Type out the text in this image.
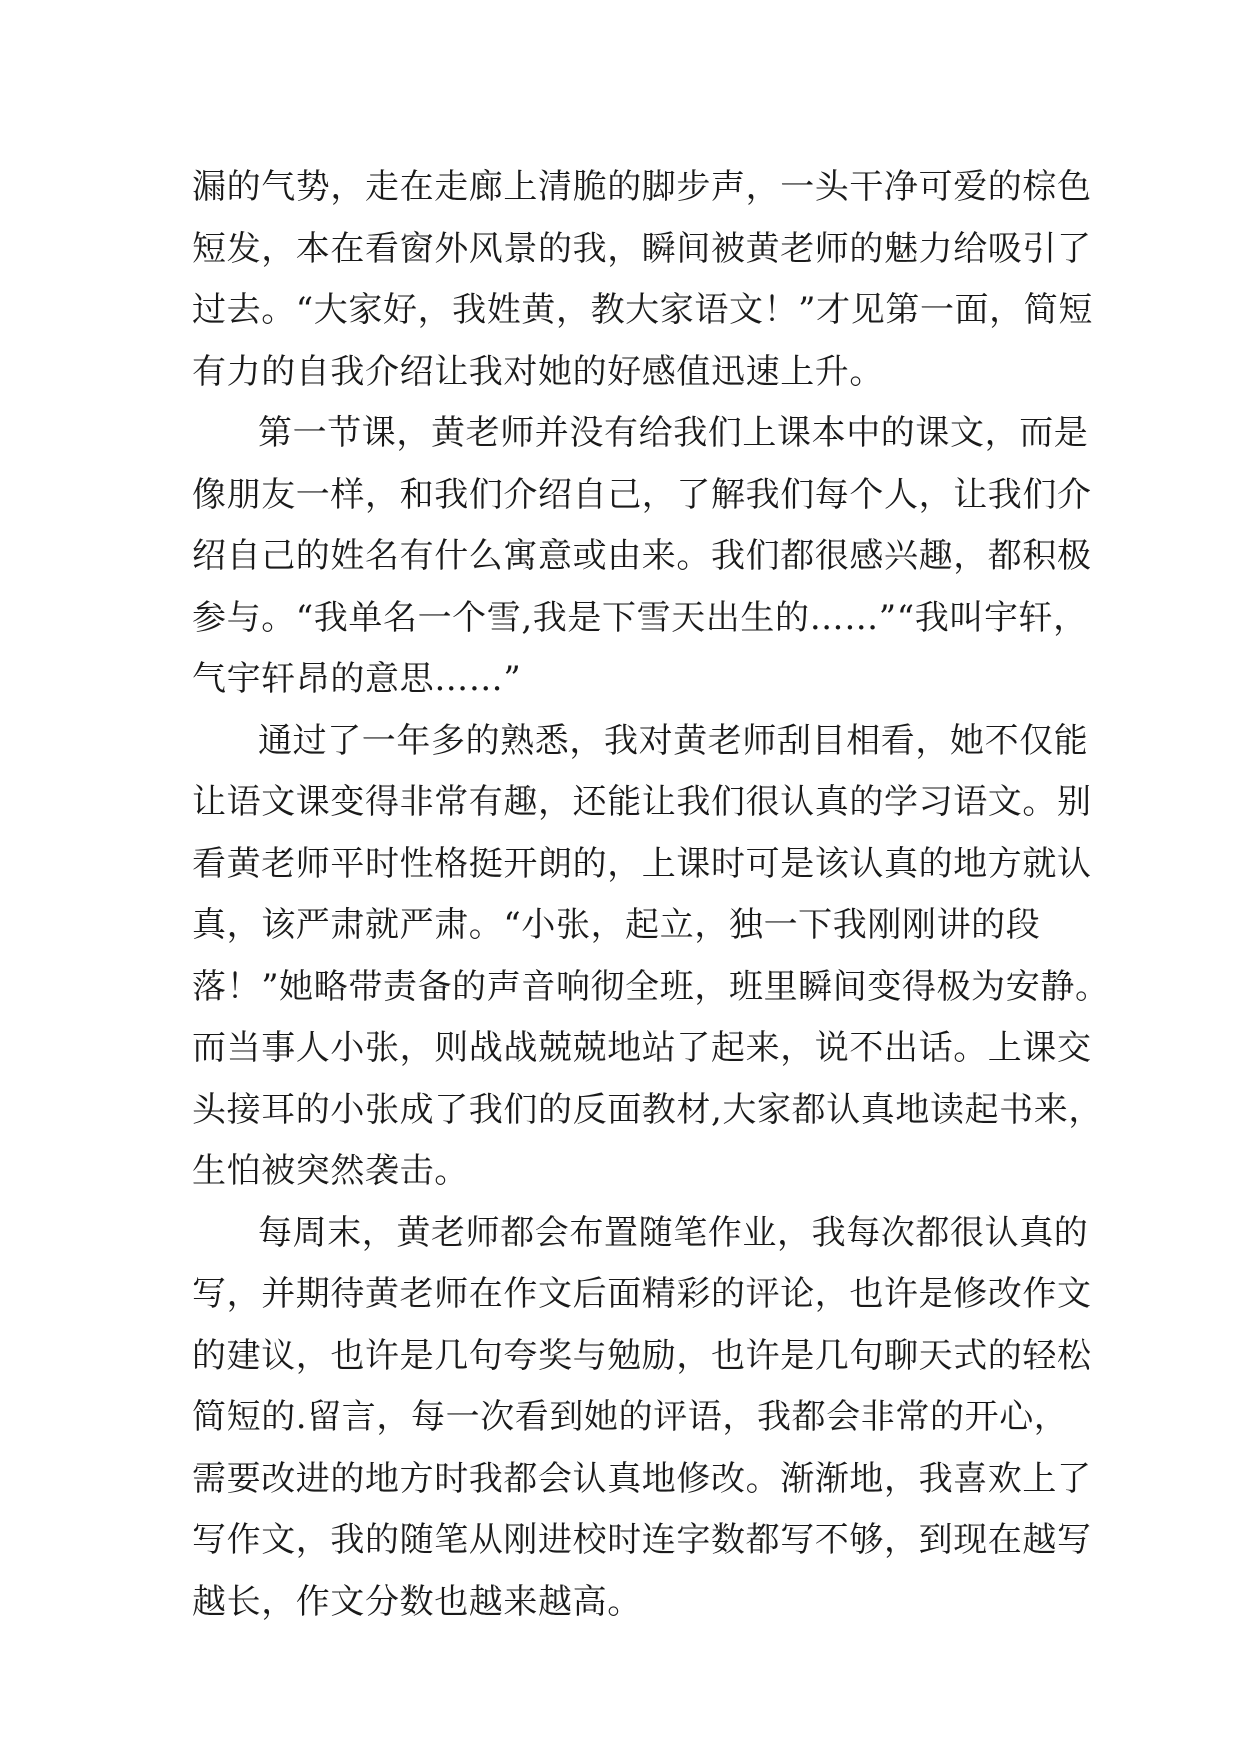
漏的气势，走在走廊上清脆的脚步声，一头干净可爱的棕色
短发，本在看窗外风景的我，瞬间被黄老师的魅力给吸引了
过去。“大家好，我姓黄，教大家语文！”才见第一面，简短
有力的自我介绍让我对她的好感值迅速上升。
第一节课，黄老师并没有给我们上课本中的课文，而是
像朋友一样，和我们介绍自己，了解我们每个人，让我们介
绍自己的姓名有什么寓意或由来。我们都很感兴趣，都积极
参与。“我单名一个雪,我是下雪天出生的……”“我叫宇轩，
气宇轩昂的意思……”
通过了一年多的熟悉，我对黄老师刮目相看，她不仅能
让语文课变得非常有趣，还能让我们很认真的学习语文。别
看黄老师平时性格挺开朗的，上课时可是该认真的地方就认
真，该严肃就严肃。“小张，起立，独一下我刚刚讲的段
落！”她略带责备的声音响彻全班，班里瞬间变得极为安静。
而当事人小张，则战战兢兢地站了起来，说不出话。上课交
头接耳的小张成了我们的反面教材,大家都认真地读起书来，
生怕被突然袭击。
每周末，黄老师都会布置随笔作业，我每次都很认真的
写，并期待黄老师在作文后面精彩的评论，也许是修改作文
的建议，也许是几句夸奖与勉励，也许是几句聊天式的轻松
简短的.留言，每一次看到她的评语，我都会非常的开心，
需要改进的地方时我都会认真地修改。渐渐地，我喜欢上了
写作文，我的随笔从刚进校时连字数都写不够，到现在越写
越长，作文分数也越来越高。
